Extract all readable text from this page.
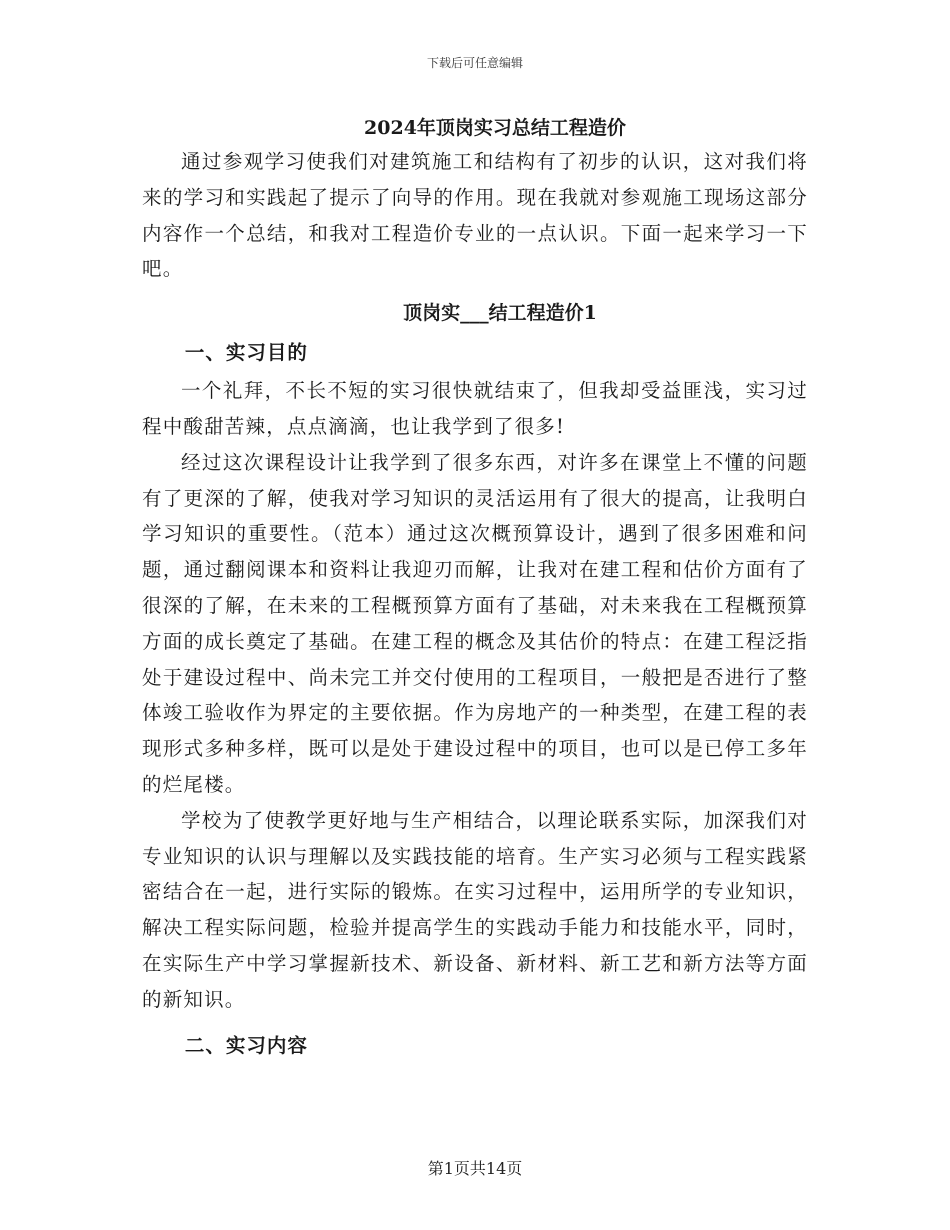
下载后可任意编辑
2024年顶岗实习总结工程造价

通过参观学习使我们对建筑施工和结构有了初步的认识，这对我们将来的学习和实践起了提示了向导的作用。现在我就对参观施工现场这部分内容作一个总结，和我对工程造价专业的一点认识。下面一起来学习一下吧。

顶岗实___结工程造价1
一、实习目的

一个礼拜，不长不短的实习很快就结束了，但我却受益匪浅，实习过程中酸甜苦辣，点点滴滴，也让我学到了很多!

经过这次课程设计让我学到了很多东西，对许多在课堂上不懂的问题有了更深的了解，使我对学习知识的灵活运用有了很大的提高，让我明白学习知识的重要性。（范本）通过这次概预算设计，遇到了很多困难和问题，通过翻阅课本和资料让我迎刃而解，让我对在建工程和估价方面有了很深的了解，在未来的工程概预算方面有了基础，对未来我在工程概预算方面的成长奠定了基础。在建工程的概念及其估价的特点：在建工程泛指处于建设过程中、尚未完工并交付使用的工程项目，一般把是否进行了整体竣工验收作为界定的主要依据。作为房地产的一种类型，在建工程的表现形式多种多样，既可以是处于建设过程中的项目，也可以是已停工多年的烂尾楼。

学校为了使教学更好地与生产相结合，以理论联系实际，加深我们对专业知识的认识与理解以及实践技能的培育。生产实习必须与工程实践紧密结合在一起，进行实际的锻炼。在实习过程中，运用所学的专业知识，解决工程实际问题，检验并提高学生的实践动手能力和技能水平，同时，在实际生产中学习掌握新技术、新设备、新材料、新工艺和新方法等方面的新知识。

二、实习内容
第1页共14页
